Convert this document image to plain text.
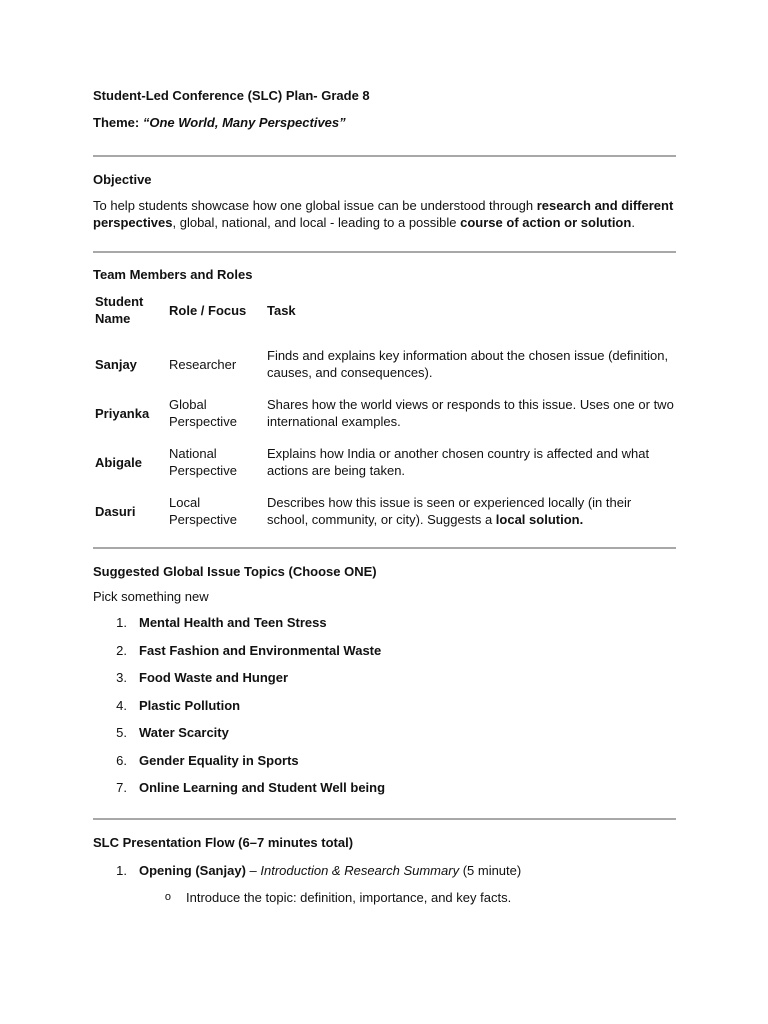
Student-Led Conference (SLC) Plan- Grade 8
Theme:
“One World, Many Perspectives”
Objective
To help students showcase how one global issue can be understood through research and different perspectives, global, national, and local - leading to a possible course of action or solution.
Team Members and Roles
Student Name	Role / Focus	Task

Sanjay	Researcher	Finds and explains key information about the chosen issue (definition, causes, and consequences).

Priyanka	Global Perspective	Shares how the world views or responds to this issue. Uses one or two international examples.

Abigale	National Perspective	Explains how India or another chosen country is affected and what actions are being taken.

Dasuri	Local Perspective	Describes how this issue is seen or experienced locally (in their school, community, or city). Suggests a local solution.
Suggested Global Issue Topics (Choose ONE)
Pick something new
1. Mental Health and Teen Stress
2. Fast Fashion and Environmental Waste
3. Food Waste and Hunger
4. Plastic Pollution
5. Water Scarcity
6. Gender Equality in Sports
7. Online Learning and Student Well being
SLC Presentation Flow (6–7 minutes total)
1. Opening (Sanjay) – Introduction & Research Summary (5 minute)
o	Introduce the topic: definition, importance, and key facts.
